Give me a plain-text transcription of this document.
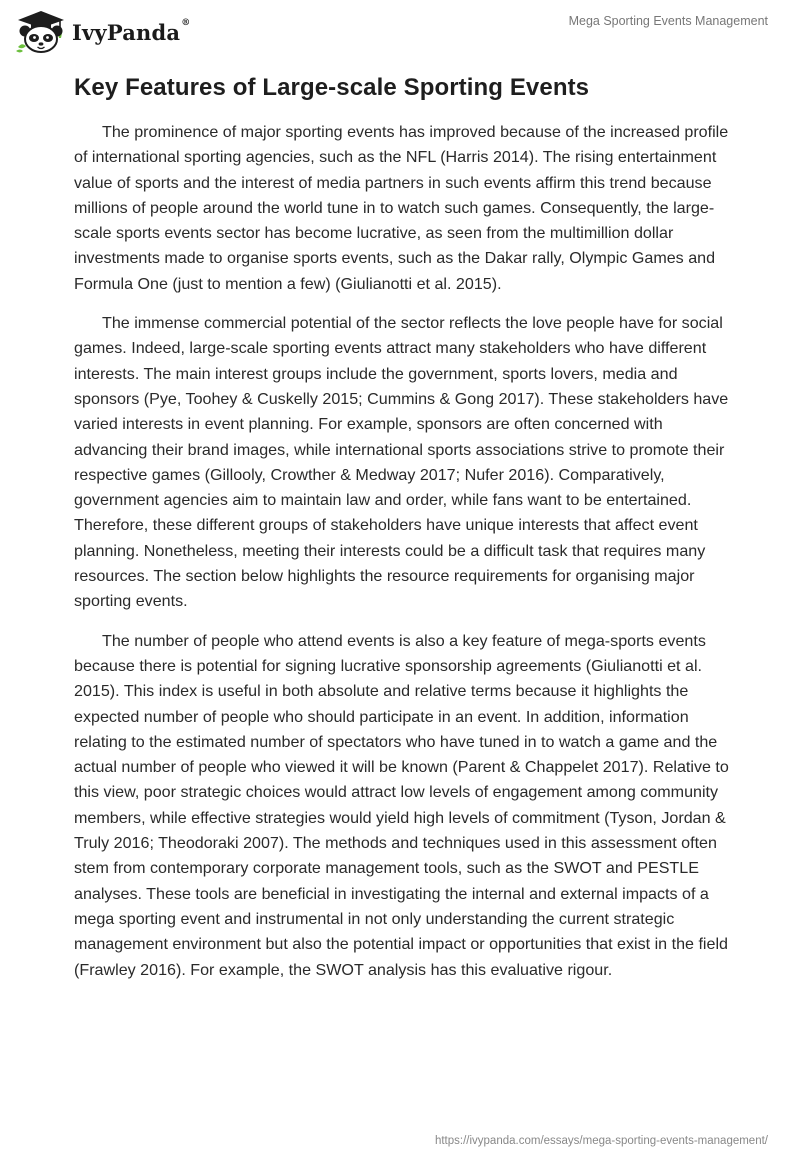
IvyPanda®	Mega Sporting Events Management
Key Features of Large-scale Sporting Events

The prominence of major sporting events has improved because of the increased profile of international sporting agencies, such as the NFL (Harris 2014). The rising entertainment value of sports and the interest of media partners in such events affirm this trend because millions of people around the world tune in to watch such games. Consequently, the large-scale sports events sector has become lucrative, as seen from the multimillion dollar investments made to organise sports events, such as the Dakar rally, Olympic Games and Formula One (just to mention a few) (Giulianotti et al. 2015).

The immense commercial potential of the sector reflects the love people have for social games. Indeed, large-scale sporting events attract many stakeholders who have different interests. The main interest groups include the government, sports lovers, media and sponsors (Pye, Toohey & Cuskelly 2015; Cummins & Gong 2017). These stakeholders have varied interests in event planning. For example, sponsors are often concerned with advancing their brand images, while international sports associations strive to promote their respective games (Gillooly, Crowther & Medway 2017; Nufer 2016). Comparatively, government agencies aim to maintain law and order, while fans want to be entertained. Therefore, these different groups of stakeholders have unique interests that affect event planning. Nonetheless, meeting their interests could be a difficult task that requires many resources. The section below highlights the resource requirements for organising major sporting events.

The number of people who attend events is also a key feature of mega-sports events because there is potential for signing lucrative sponsorship agreements (Giulianotti et al. 2015). This index is useful in both absolute and relative terms because it highlights the expected number of people who should participate in an event. In addition, information relating to the estimated number of spectators who have tuned in to watch a game and the actual number of people who viewed it will be known (Parent & Chappelet 2017). Relative to this view, poor strategic choices would attract low levels of engagement among community members, while effective strategies would yield high levels of commitment (Tyson, Jordan & Truly 2016; Theodoraki 2007). The methods and techniques used in this assessment often stem from contemporary corporate management tools, such as the SWOT and PESTLE analyses. These tools are beneficial in investigating the internal and external impacts of a mega sporting event and instrumental in not only understanding the current strategic management environment but also the potential impact or opportunities that exist in the field (Frawley 2016). For example, the SWOT analysis has this evaluative rigour.

https://ivypanda.com/essays/mega-sporting-events-management/
